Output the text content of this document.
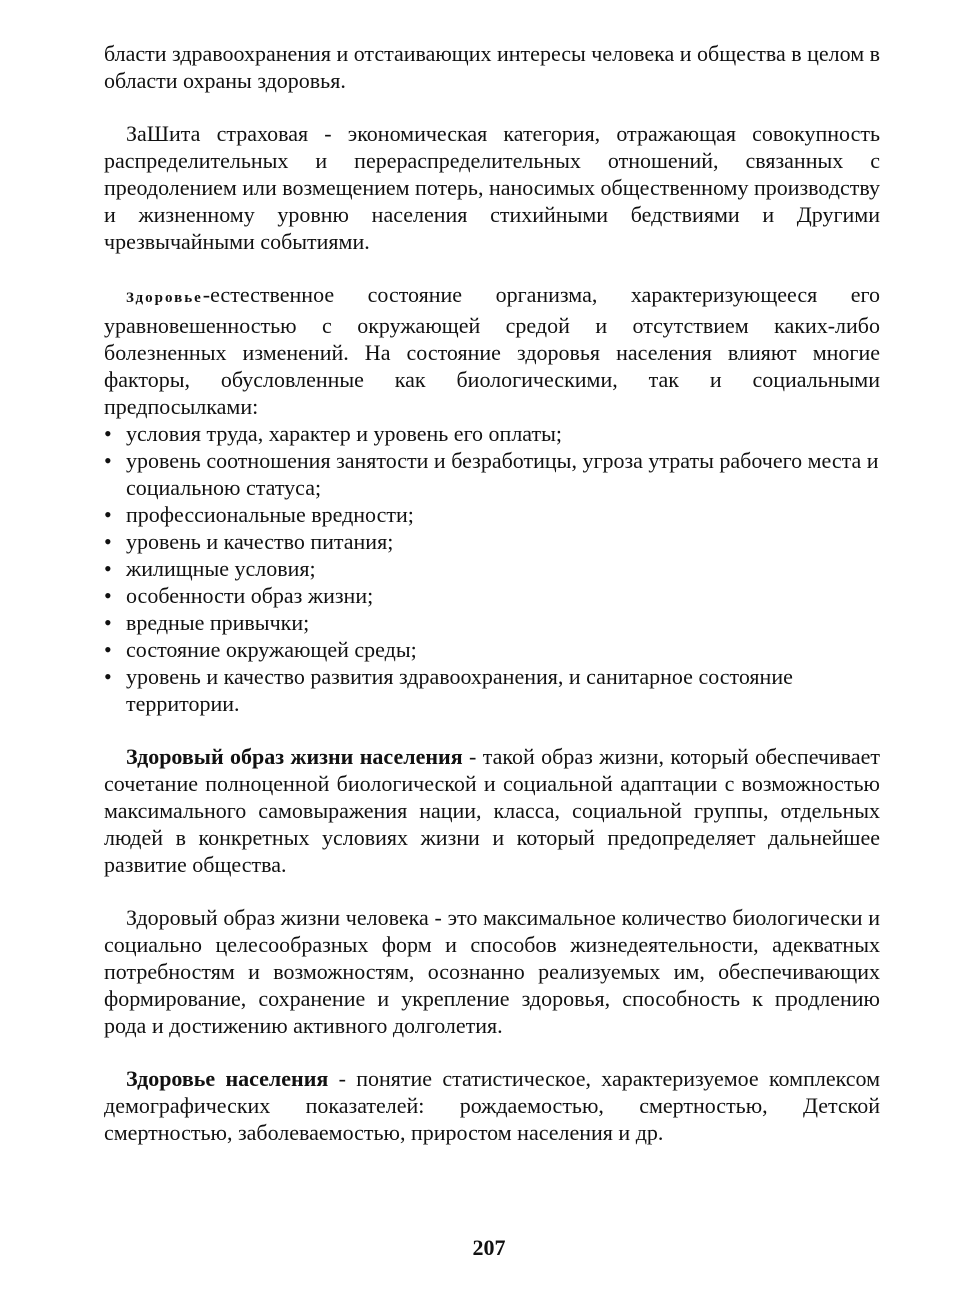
бласти здравоохранения и отстаивающих интересы человека и общества в целом в области охраны здоровья.

ЗаШита страховая - экономическая категория, отражающая совокупность распределительных и перераспределительных отношений, связанных с преодолением или возмещением потерь, наносимых общественному производству и жизненному уровню населения стихийными бедствиями и Другими чрезвычайными событиями.

Здоровье-естественное состояние организма, характеризующееся его уравновешенностью с окружающей средой и отсутствием каких-либо болезненных изменений. На состояние здоровья населения влияют многие факторы, обусловленные как биологическими, так и социальными предпосылками:

• условия труда, характер и уровень его оплаты;
• уровень соотношения занятости и безработицы, угроза утраты рабочего места и социальною статуса;
• профессиональные вредности;
• уровень и качество питания;
• жилищные условия;
• особенности образ жизни;
• вредные привычки;
• состояние окружающей среды;
• уровень и качество развития здравоохранения, и санитарное состояние территории.

Здоровый образ жизни населения - такой образ жизни, который обеспечивает сочетание полноценной биологической и социальной адаптации с возможностью максимального самовыражения нации, класса, социальной группы, отдельных людей в конкретных условиях жизни и который предопределяет дальнейшее развитие общества.

Здоровый образ жизни человека - это максимальное количество биологически и социально целесообразных форм и способов жизнедеятельности, адекватных потребностям и возможностям, осознанно реализуемых им, обеспечивающих формирование, сохранение и укрепление здоровья, способность к продлению рода и достижению активного долголетия.

Здоровье населения - понятие статистическое, характеризуемое комплексом демографических показателей: рождаемостью, смертностью, Детской смертностью, заболеваемостью, приростом населения и др.

207
